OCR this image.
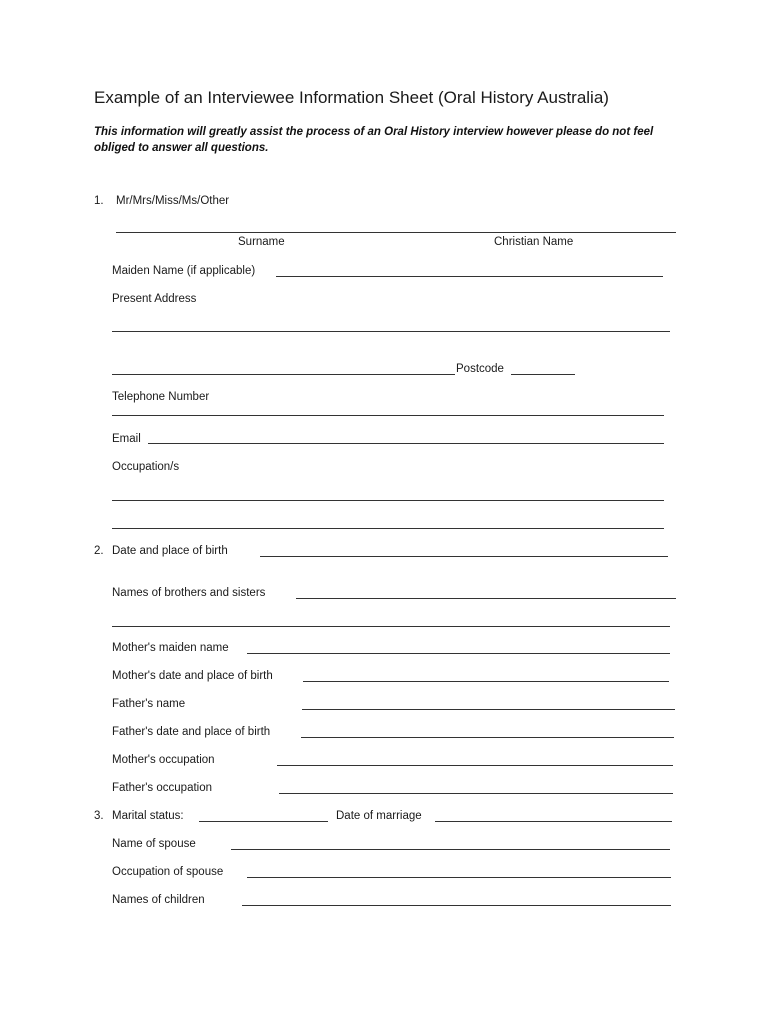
Example of an Interviewee Information Sheet (Oral History Australia)
This information will greatly assist the process of an Oral History interview however please do not feel obliged to answer all questions.
1. Mr/Mrs/Miss/Ms/Other
Surname	Christian Name
Maiden Name (if applicable)
Present Address
Postcode
Telephone Number
Email
Occupation/s
2. Date and place of birth
Names of brothers and sisters
Mother's maiden name
Mother's date and place of birth
Father's name
Father's date and place of birth
Mother's occupation
Father's occupation
3. Marital status:	Date of marriage
Name of spouse
Occupation of spouse
Names of children
